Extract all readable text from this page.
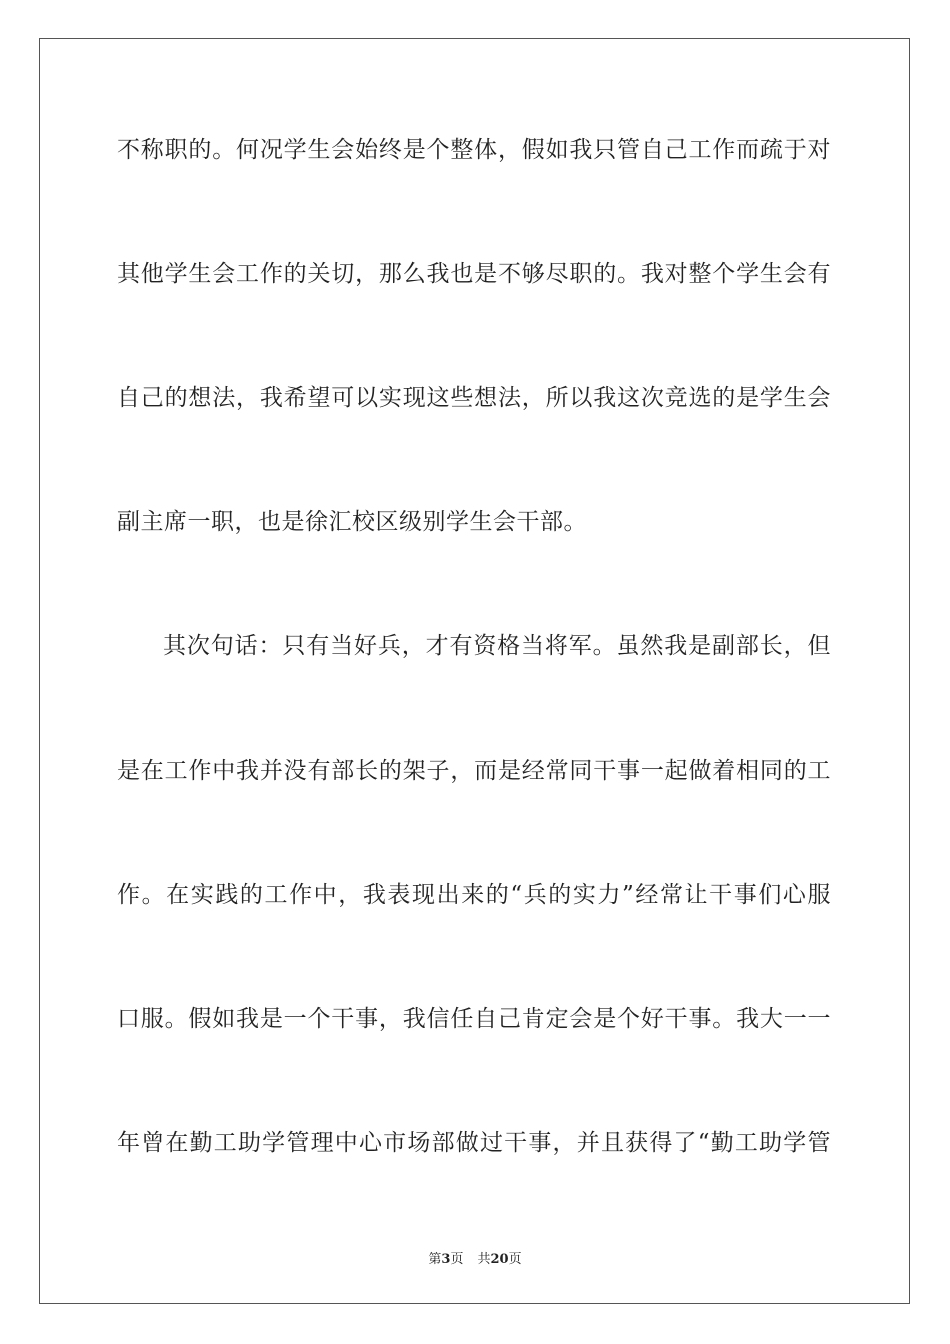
不称职的。何况学生会始终是个整体，假如我只管自己工作而疏于对
其他学生会工作的关切，那么我也是不够尽职的。我对整个学生会有
自己的想法，我希望可以实现这些想法，所以我这次竞选的是学生会
副主席一职，也是徐汇校区级别学生会干部。
其次句话：只有当好兵，才有资格当将军。虽然我是副部长，但
是在工作中我并没有部长的架子，而是经常同干事一起做着相同的工
作。在实践的工作中，我表现出来的“兵的实力”经常让干事们心服
口服。假如我是一个干事，我信任自己肯定会是个好干事。我大一一
年曾在勤工助学管理中心市场部做过干事，并且获得了“勤工助学管
第3页 共20页
